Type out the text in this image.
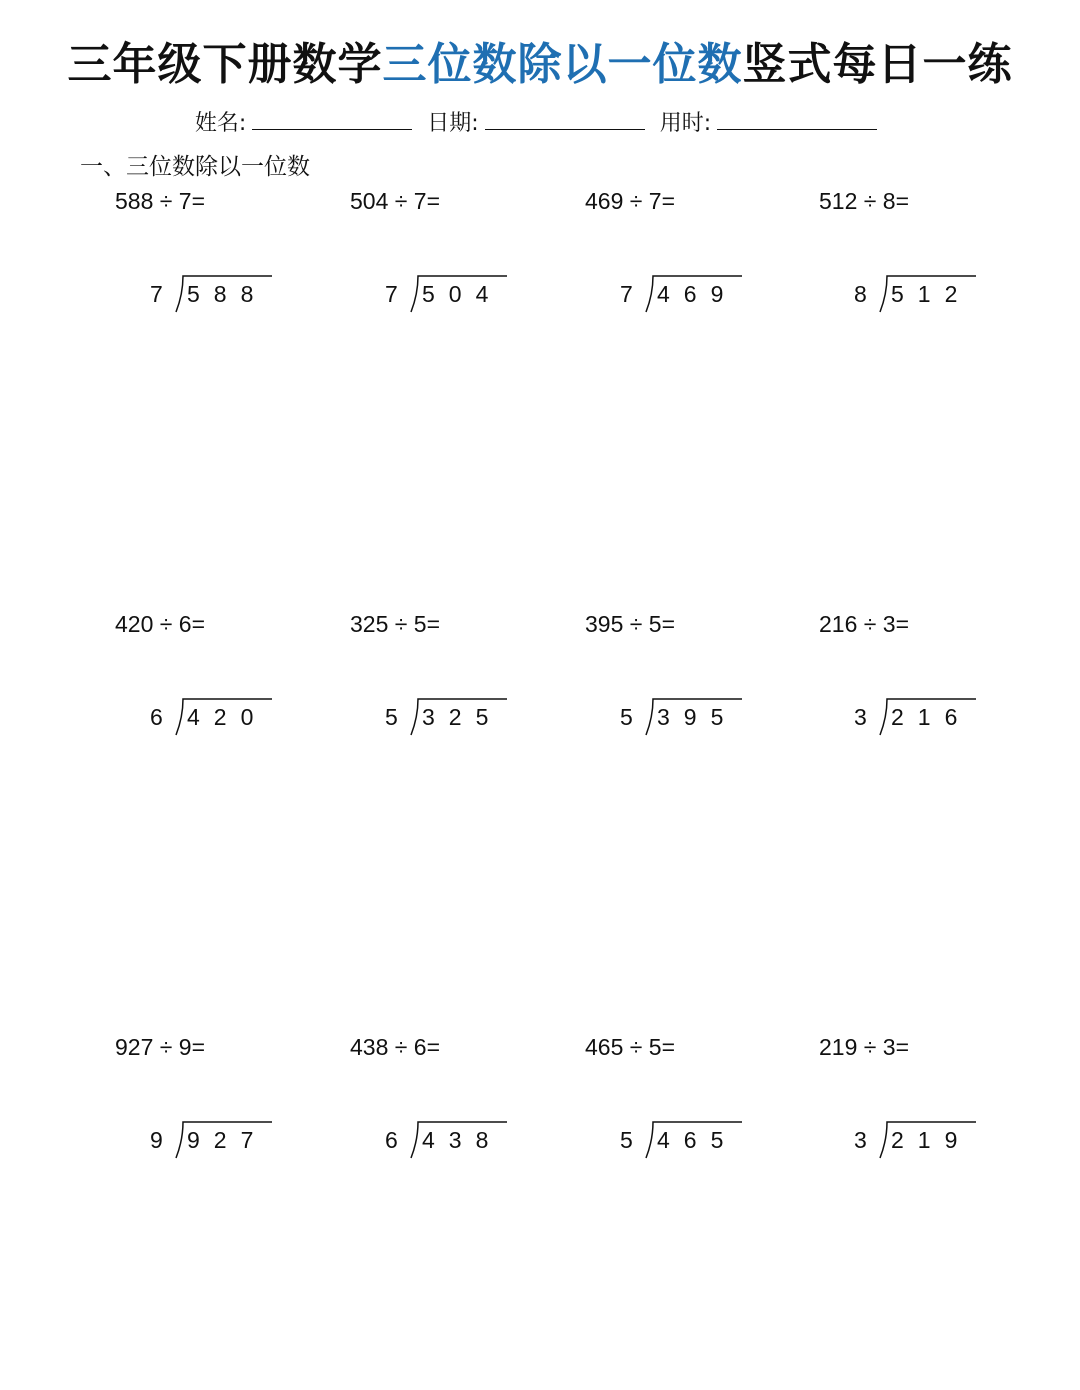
三年级下册数学三位数除以一位数竖式每日一练
姓名:	日期:	用时:
一、三位数除以一位数
588 ÷ 7=
7 588
504 ÷ 7=
7 504
469 ÷ 7=
7 469
512 ÷ 8=
8 512
420 ÷ 6=
6 420
325 ÷ 5=
5 325
395 ÷ 5=
5 395
216 ÷ 3=
3 216
927 ÷ 9=
9 927
438 ÷ 6=
6 438
465 ÷ 5=
5 465
219 ÷ 3=
3 219
